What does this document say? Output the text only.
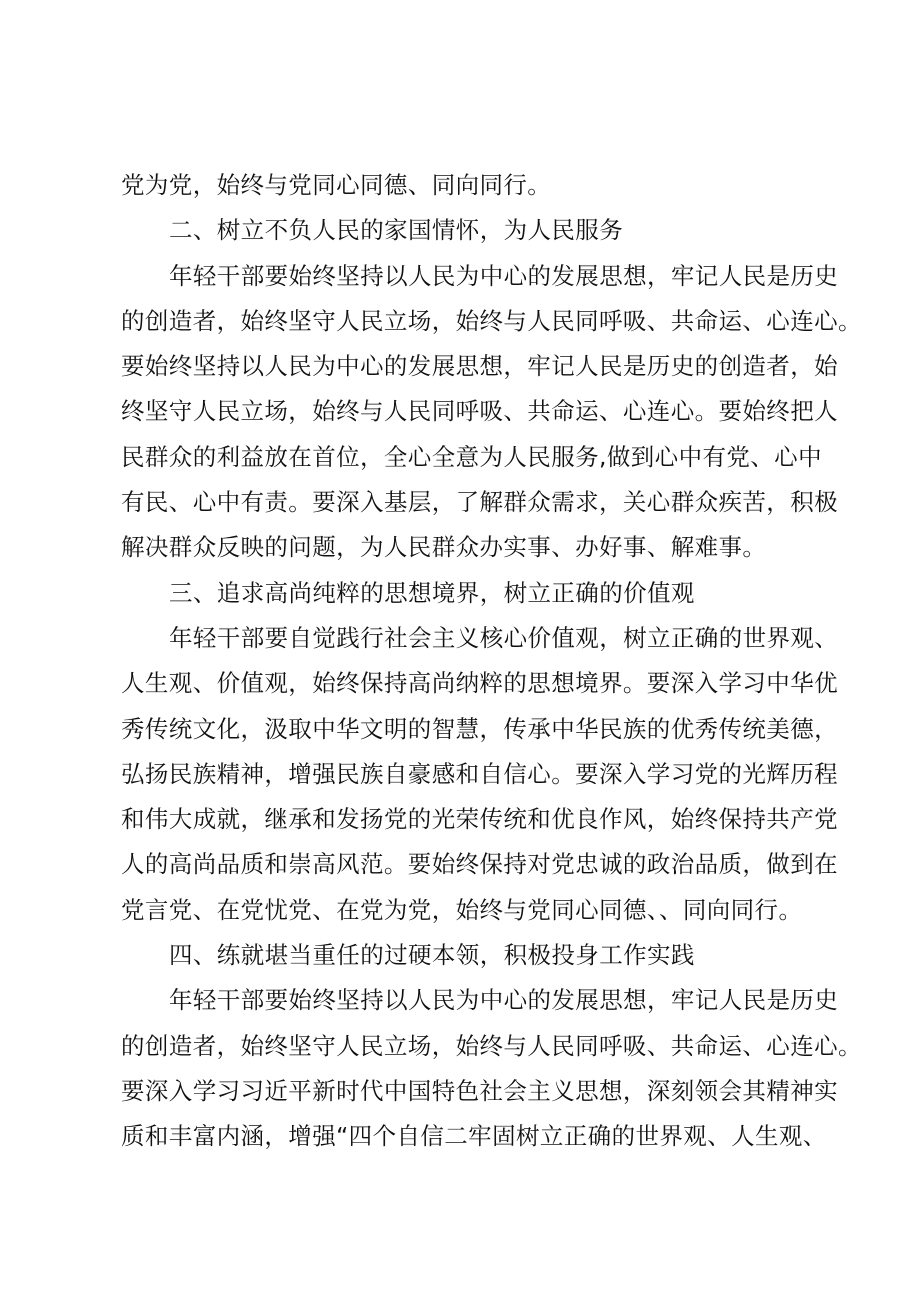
党为党，始终与党同心同德、同向同行。
二、树立不负人民的家国情怀，为人民服务
年轻干部要始终坚持以人民为中心的发展思想，牢记人民是历史
的创造者，始终坚守人民立场，始终与人民同呼吸、共命运、心连心。
要始终坚持以人民为中心的发展思想，牢记人民是历史的创造者，始
终坚守人民立场，始终与人民同呼吸、共命运、心连心。要始终把人
民群众的利益放在首位，全心全意为人民服务,做到心中有党、心中
有民、心中有责。要深入基层，了解群众需求，关心群众疾苦，积极
解决群众反映的问题，为人民群众办实事、办好事、解难事。
三、追求高尚纯粹的思想境界，树立正确的价值观
年轻干部要自觉践行社会主义核心价值观，树立正确的世界观、
人生观、价值观，始终保持高尚纳粹的思想境界。要深入学习中华优
秀传统文化，汲取中华文明的智慧，传承中华民族的优秀传统美德，
弘扬民族精神，增强民族自豪感和自信心。要深入学习党的光辉历程
和伟大成就，继承和发扬党的光荣传统和优良作风，始终保持共产党
人的高尚品质和崇高风范。要始终保持对党忠诚的政治品质，做到在
党言党、在党忧党、在党为党，始终与党同心同德、、同向同行。
四、练就堪当重任的过硬本领，积极投身工作实践
年轻干部要始终坚持以人民为中心的发展思想，牢记人民是历史
的创造者，始终坚守人民立场，始终与人民同呼吸、共命运、心连心。
要深入学习习近平新时代中国特色社会主义思想，深刻领会其精神实
质和丰富内涵，增强“四个自信二牢固树立正确的世界观、人生观、
